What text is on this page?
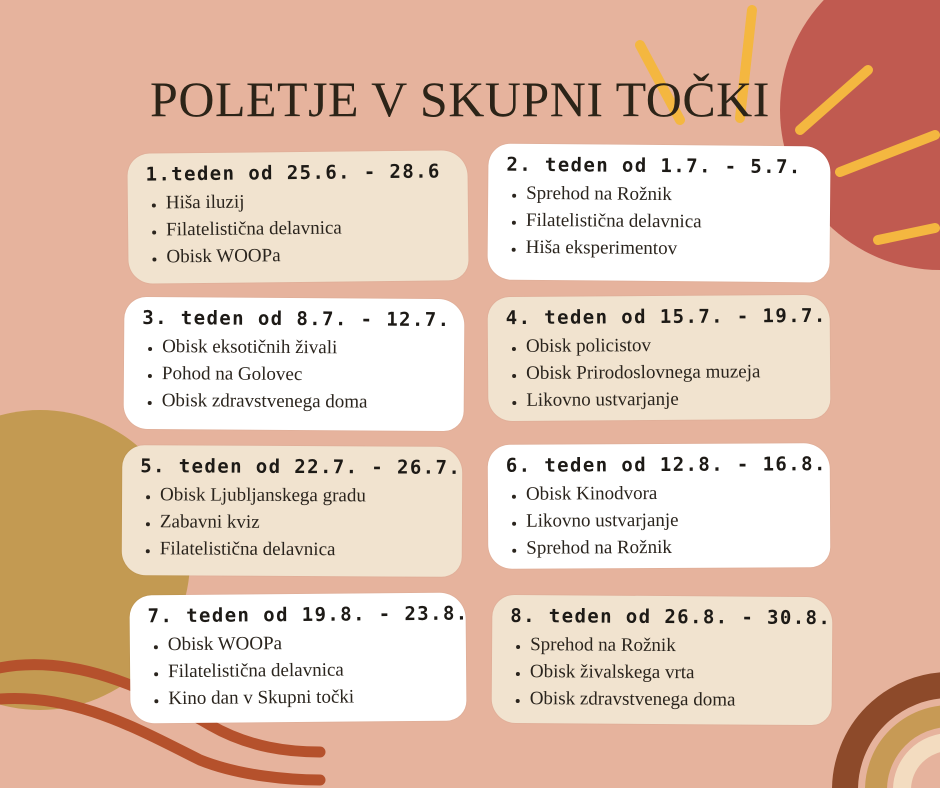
POLETJE V SKUPNI TOČKI
1.teden od 25.6. - 28.6
• Hiša iluzij
• Filatelistična delavnica
• Obisk WOOPa
2. teden od 1.7. - 5.7.
• Sprehod na Rožnik
• Filatelistična delavnica
• Hiša eksperimentov
3. teden od 8.7. - 12.7.
• Obisk eksotičnih živali
• Pohod na Golovec
• Obisk zdravstvenega doma
4. teden od 15.7. - 19.7.
• Obisk policistov
• Obisk Prirodoslovnega muzeja
• Likovno ustvarjanje
5. teden od 22.7. - 26.7.
• Obisk Ljubljanskega gradu
• Zabavni kviz
• Filatelistična delavnica
6. teden od 12.8. - 16.8.
• Obisk Kinodvora
• Likovno ustvarjanje
• Sprehod na Rožnik
7. teden od 19.8. - 23.8.
• Obisk WOOPa
• Filatelistična delavnica
• Kino dan v Skupni točki
8. teden od 26.8. - 30.8.
• Sprehod na Rožnik
• Obisk živalskega vrta
• Obisk zdravstvenega doma
